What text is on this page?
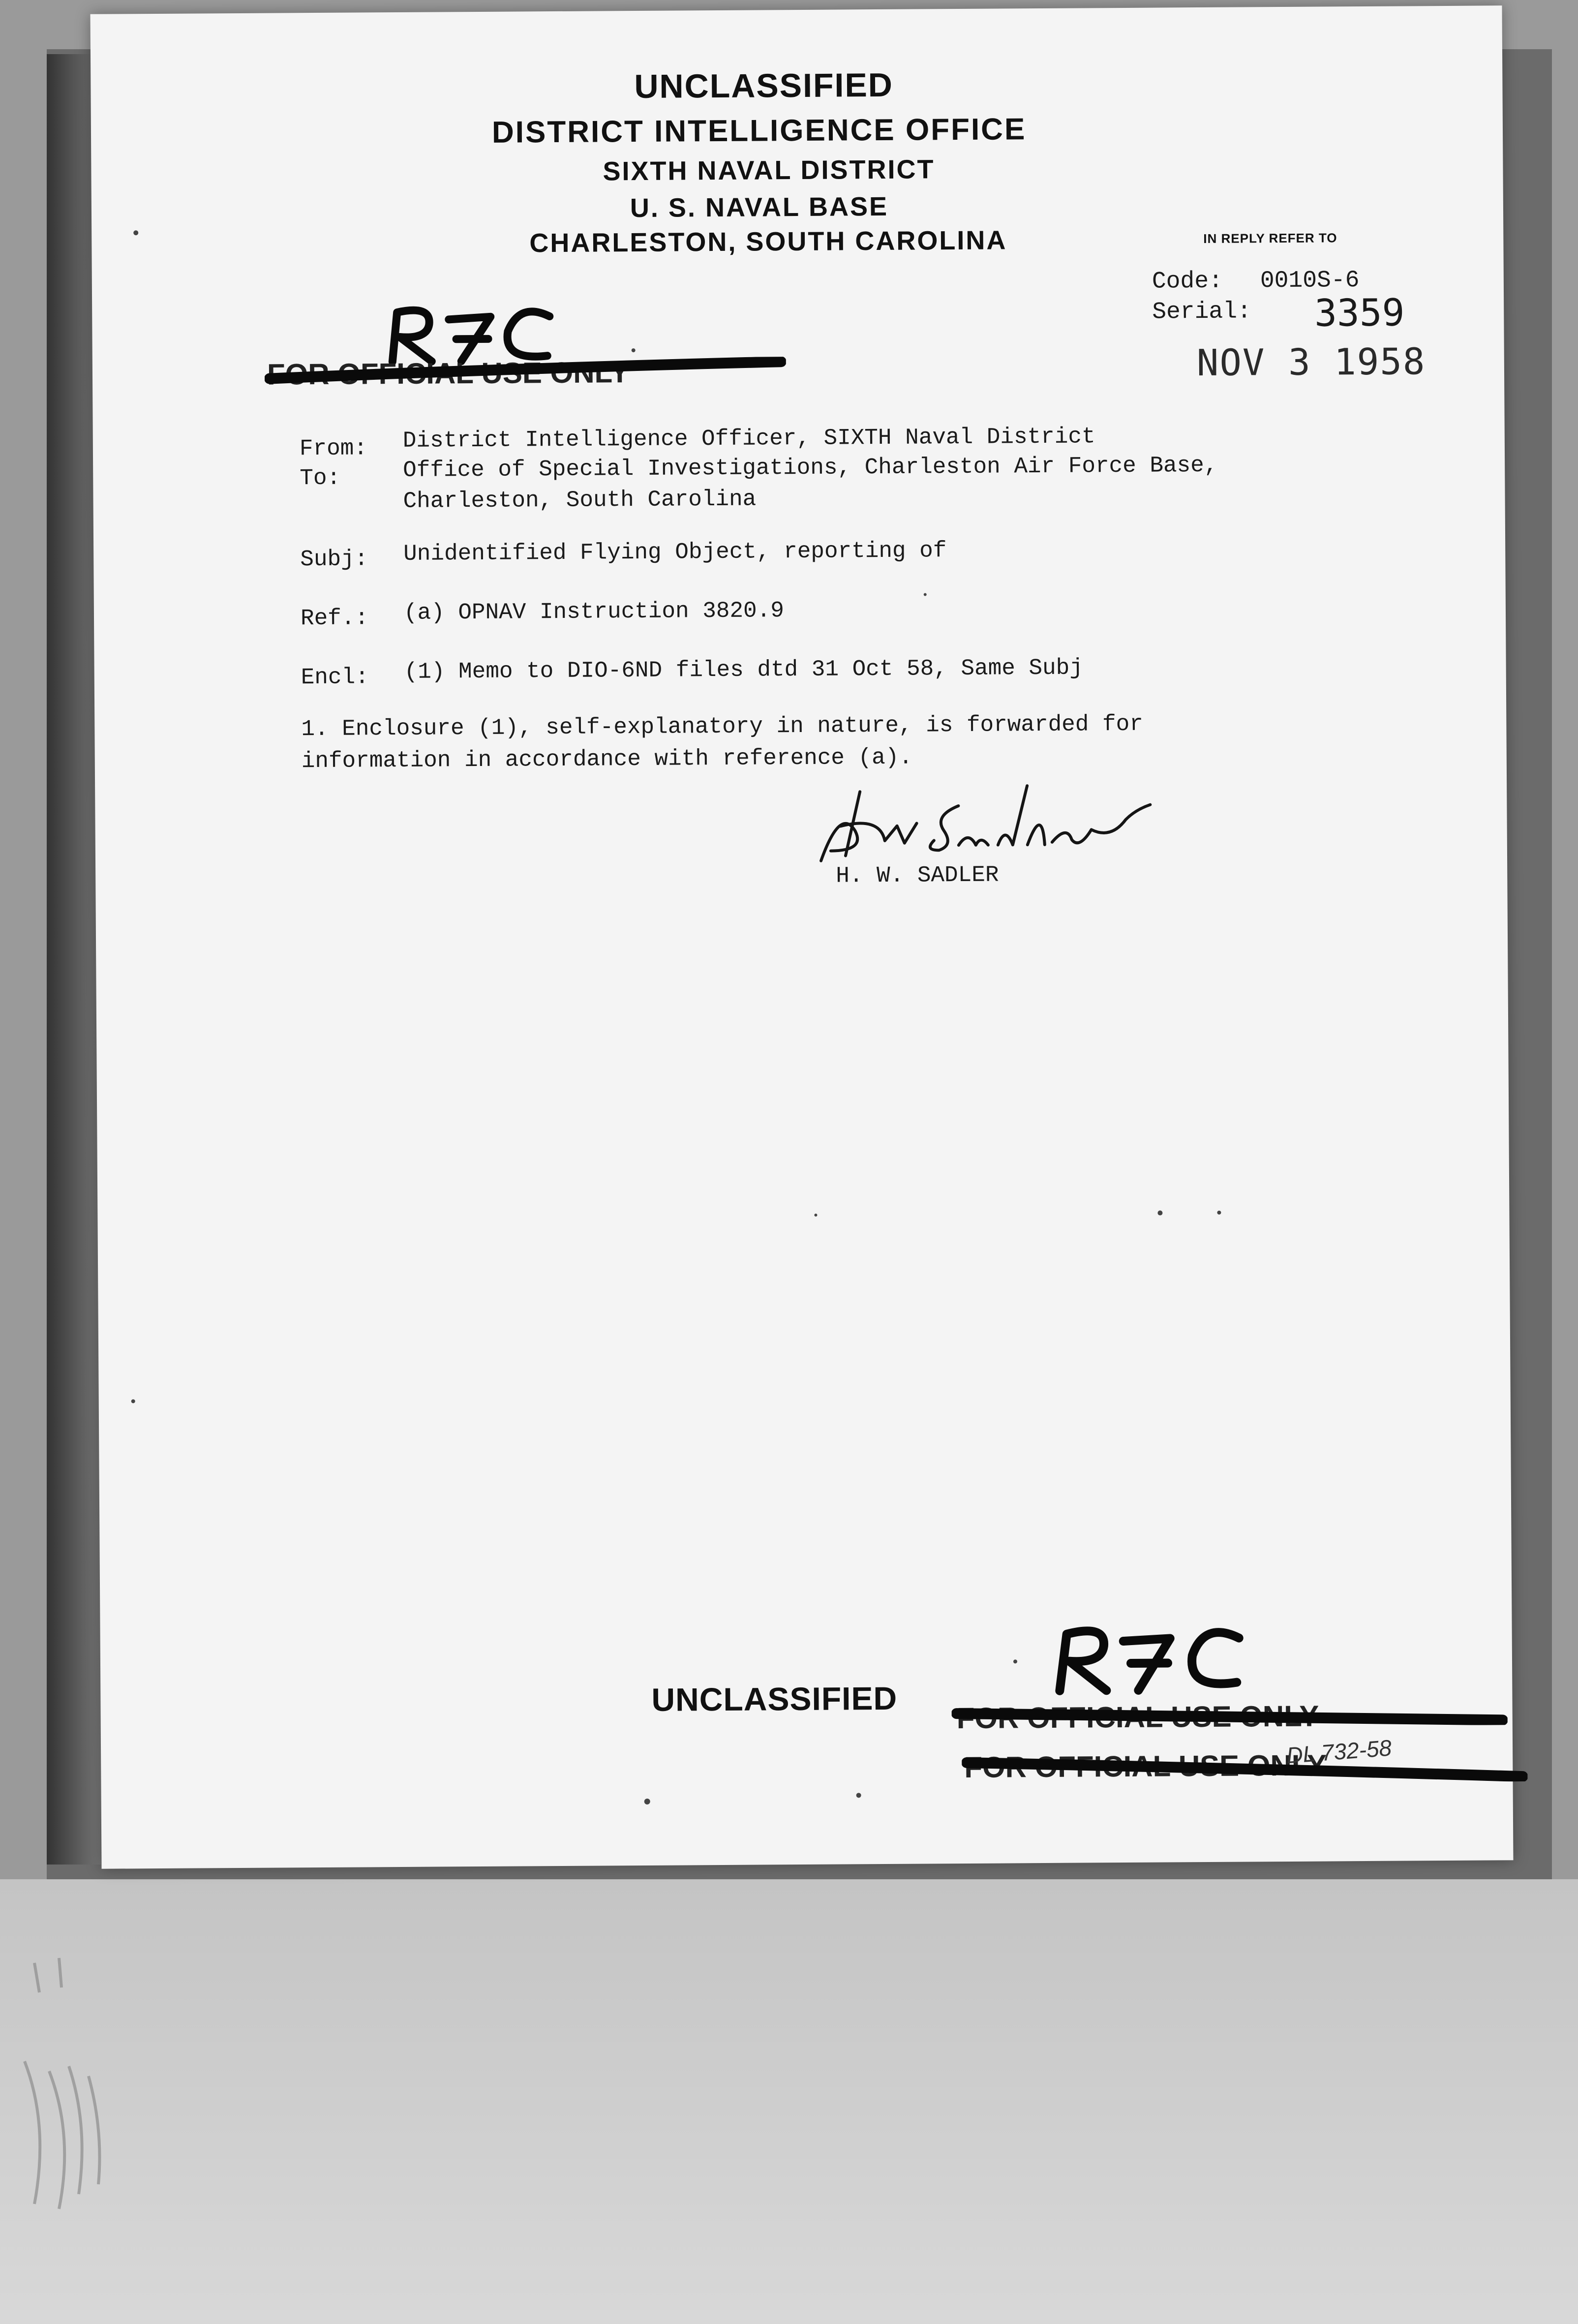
UNCLASSIFIED
DISTRICT INTELLIGENCE OFFICE
SIXTH NAVAL DISTRICT
U. S. NAVAL BASE
CHARLESTON, SOUTH CAROLINA	IN REPLY REFER TO
Code: 0010S-6
Serial: 3359
NOV 3 1958
FOR OFFICIAL USE ONLY
From: District Intelligence Officer, SIXTH Naval District
To:	Office of Special Investigations, Charleston Air Force Base,
Charleston, South Carolina
Subj: Unidentified Flying Object, reporting of
Ref.: (a) OPNAV Instruction 3820.9
Encl: (1) Memo to DIO-6ND files dtd 31 Oct 58, Same Subj
1. Enclosure (1), self-explanatory in nature, is forwarded for
information in accordance with reference (a).
H. W. SADLER
UNCLASSIFIED FOR OFFICIAL USE ONLY
FOR OFFICIAL USE ONLY
DL 732-58
